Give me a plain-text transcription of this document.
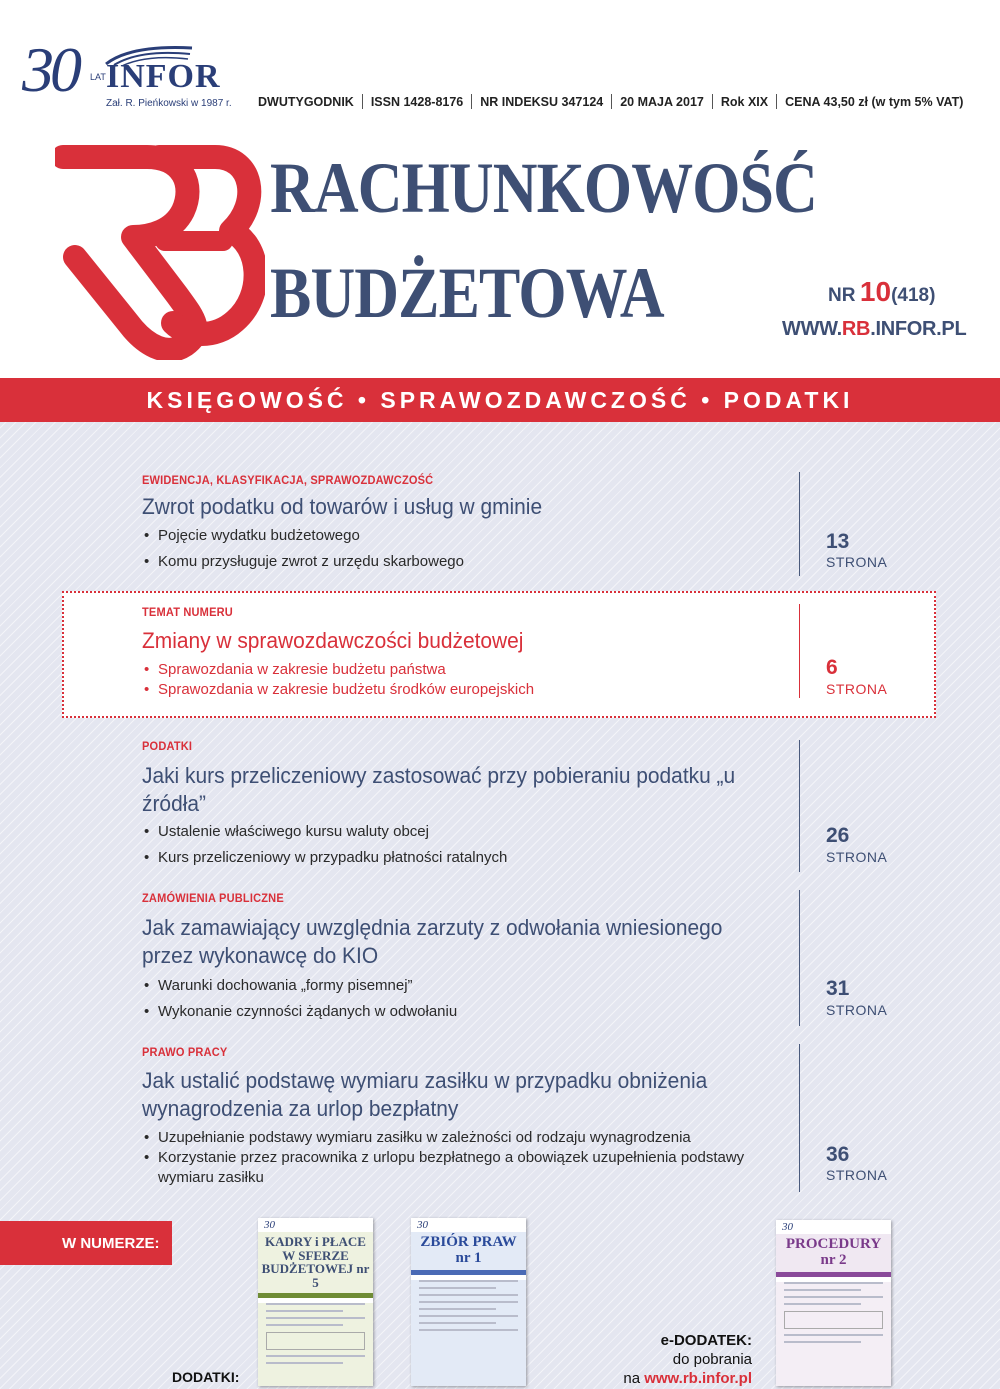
30 LAT INFOR
Zał. R. Pieńkowski w 1987 r. DWUTYGODNIK ISSN 1428-8176 NR INDEKSU 347124 20 MAJA 2017 Rok XIX CENA 43,50 zł (w tym 5% VAT)
RACHUNKOWOŚĆ
BUDŻETOWA	NR 10(418)
WWW.RB.INFOR.PL
KSIĘGOWOŚĆ • SPRAWOZDAWCZOŚĆ • PODATKI
EWIDENCJA, KLASYFIKACJA, SPRAWOZDAWCZOŚĆ
Zwrot podatku od towarów i usług w gminie
• Pojęcie wydatku budżetowego
• Komu przysługuje zwrot z urzędu skarbowego
13
STRONA
TEMAT NUMERU
Zmiany w sprawozdawczości budżetowej
• Sprawozdania w zakresie budżetu państwa
• Sprawozdania w zakresie budżetu środków europejskich
6
STRONA
PODATKI
Jaki kurs przeliczeniowy zastosować przy pobieraniu podatku „u źródła”
• Ustalenie właściwego kursu waluty obcej
• Kurs przeliczeniowy w przypadku płatności ratalnych
26
STRONA
ZAMÓWIENIA PUBLICZNE
Jak zamawiający uwzględnia zarzuty z odwołania wniesionego przez wykonawcę do KIO
• Warunki dochowania „formy pisemnej”
• Wykonanie czynności żądanych w odwołaniu
31
STRONA
PRAWO PRACY
Jak ustalić podstawę wymiaru zasiłku w przypadku obniżenia wynagrodzenia za urlop bezpłatny
• Uzupełnianie podstawy wymiaru zasiłku w zależności od rodzaju wynagrodzenia
• Korzystanie przez pracownika z urlopu bezpłatnego a obowiązek uzupełnienia podstawy wymiaru zasiłku
36
STRONA
W NUMERZE:
30
KADRY i PŁACE W SFERZE BUDŻETOWEJ nr 5
30
ZBIÓR PRAW nr 1
30
PROCEDURY nr 2
DODATKI:
e-DODATEK:
do pobrania
na www.rb.infor.pl
